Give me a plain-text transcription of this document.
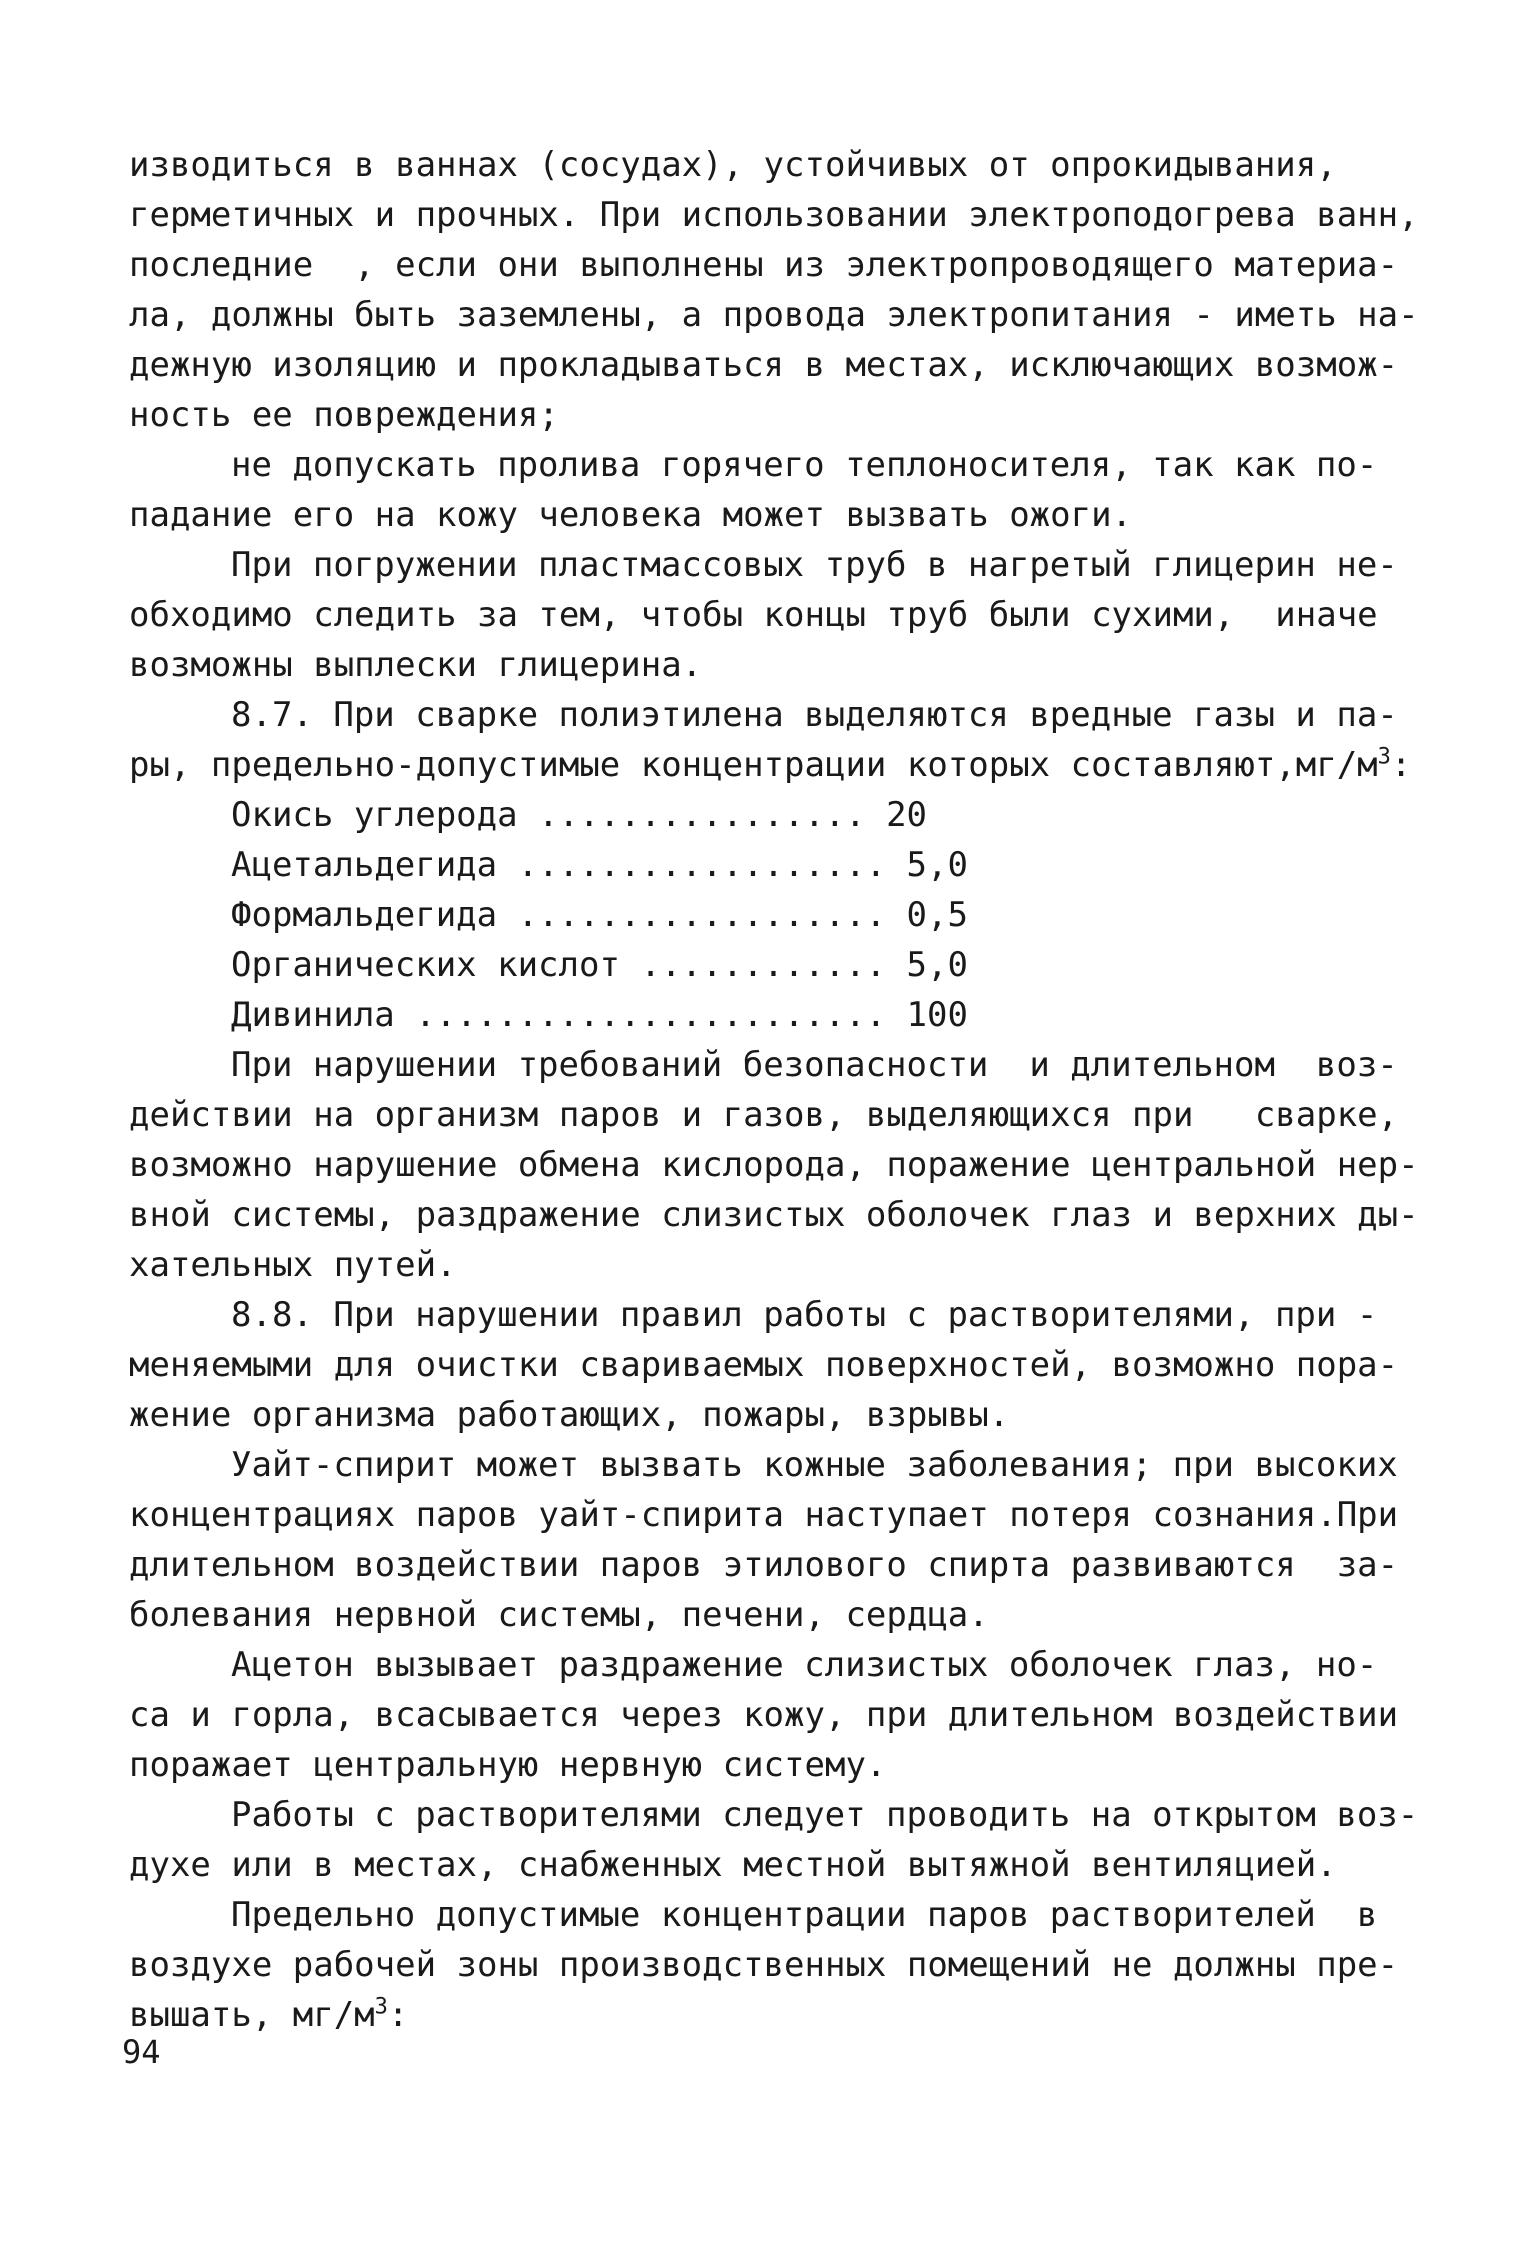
изводиться в ваннах (сосудах), устойчивых от опрокидывания,
герметичных и прочных. При использовании электроподогрева ванн,
последние  , если они выполнены из электропроводящего материа-
ла, должны быть заземлены, а провода электропитания - иметь на-
дежную изоляцию и прокладываться в местах, исключающих возмож-
ность ее повреждения;
не допускать пролива горячего теплоносителя, так как по-
падание его на кожу человека может вызвать ожоги.
При погружении пластмассовых труб в нагретый глицерин не-
обходимо следить за тем, чтобы концы труб были сухими,  иначе
возможны выплески глицерина.
8.7. При сварке полиэтилена выделяются вредные газы и па-
ры, предельно-допустимые концентрации которых $составляют,мг/м^3$:
Окись углерода ................ 20
Ацетальдегида .................. 5,0
Формальдегида .................. 0,5
Органических кислот ............ 5,0
Дивинила ....................... 100
При нарушении требований безопасности  и длительном  воз-
действии на организм паров и газов, выделяющихся при   сварке,
возможно нарушение обмена кислорода, поражение центральной нер-
вной системы, раздражение слизистых оболочек глаз и верхних ды-
хательных путей.
8.8. При нарушении правил работы с растворителями, при -
меняемыми для очистки свариваемых поверхностей, возможно пора-
жение организма работающих, пожары, взрывы.
Уайт-спирит может вызвать кожные заболевания; при высоких
концентрациях паров уайт-спирита наступает потеря сознания.При
длительном воздействии паров этилового спирта развиваются  за-
болевания нервной системы, печени, сердца.
Ацетон вызывает раздражение слизистых оболочек глаз, но-
са и горла, всасывается через кожу, при длительном воздействии
поражает центральную нервную систему.
Работы с растворителями следует проводить на открытом воз-
духе или в местах, снабженных местной вытяжной вентиляцией.
Предельно допустимые концентрации паров растворителей  в
воздухе рабочей зоны производственных помещений не должны пре-
вышать, $мг/м^3$:
94
